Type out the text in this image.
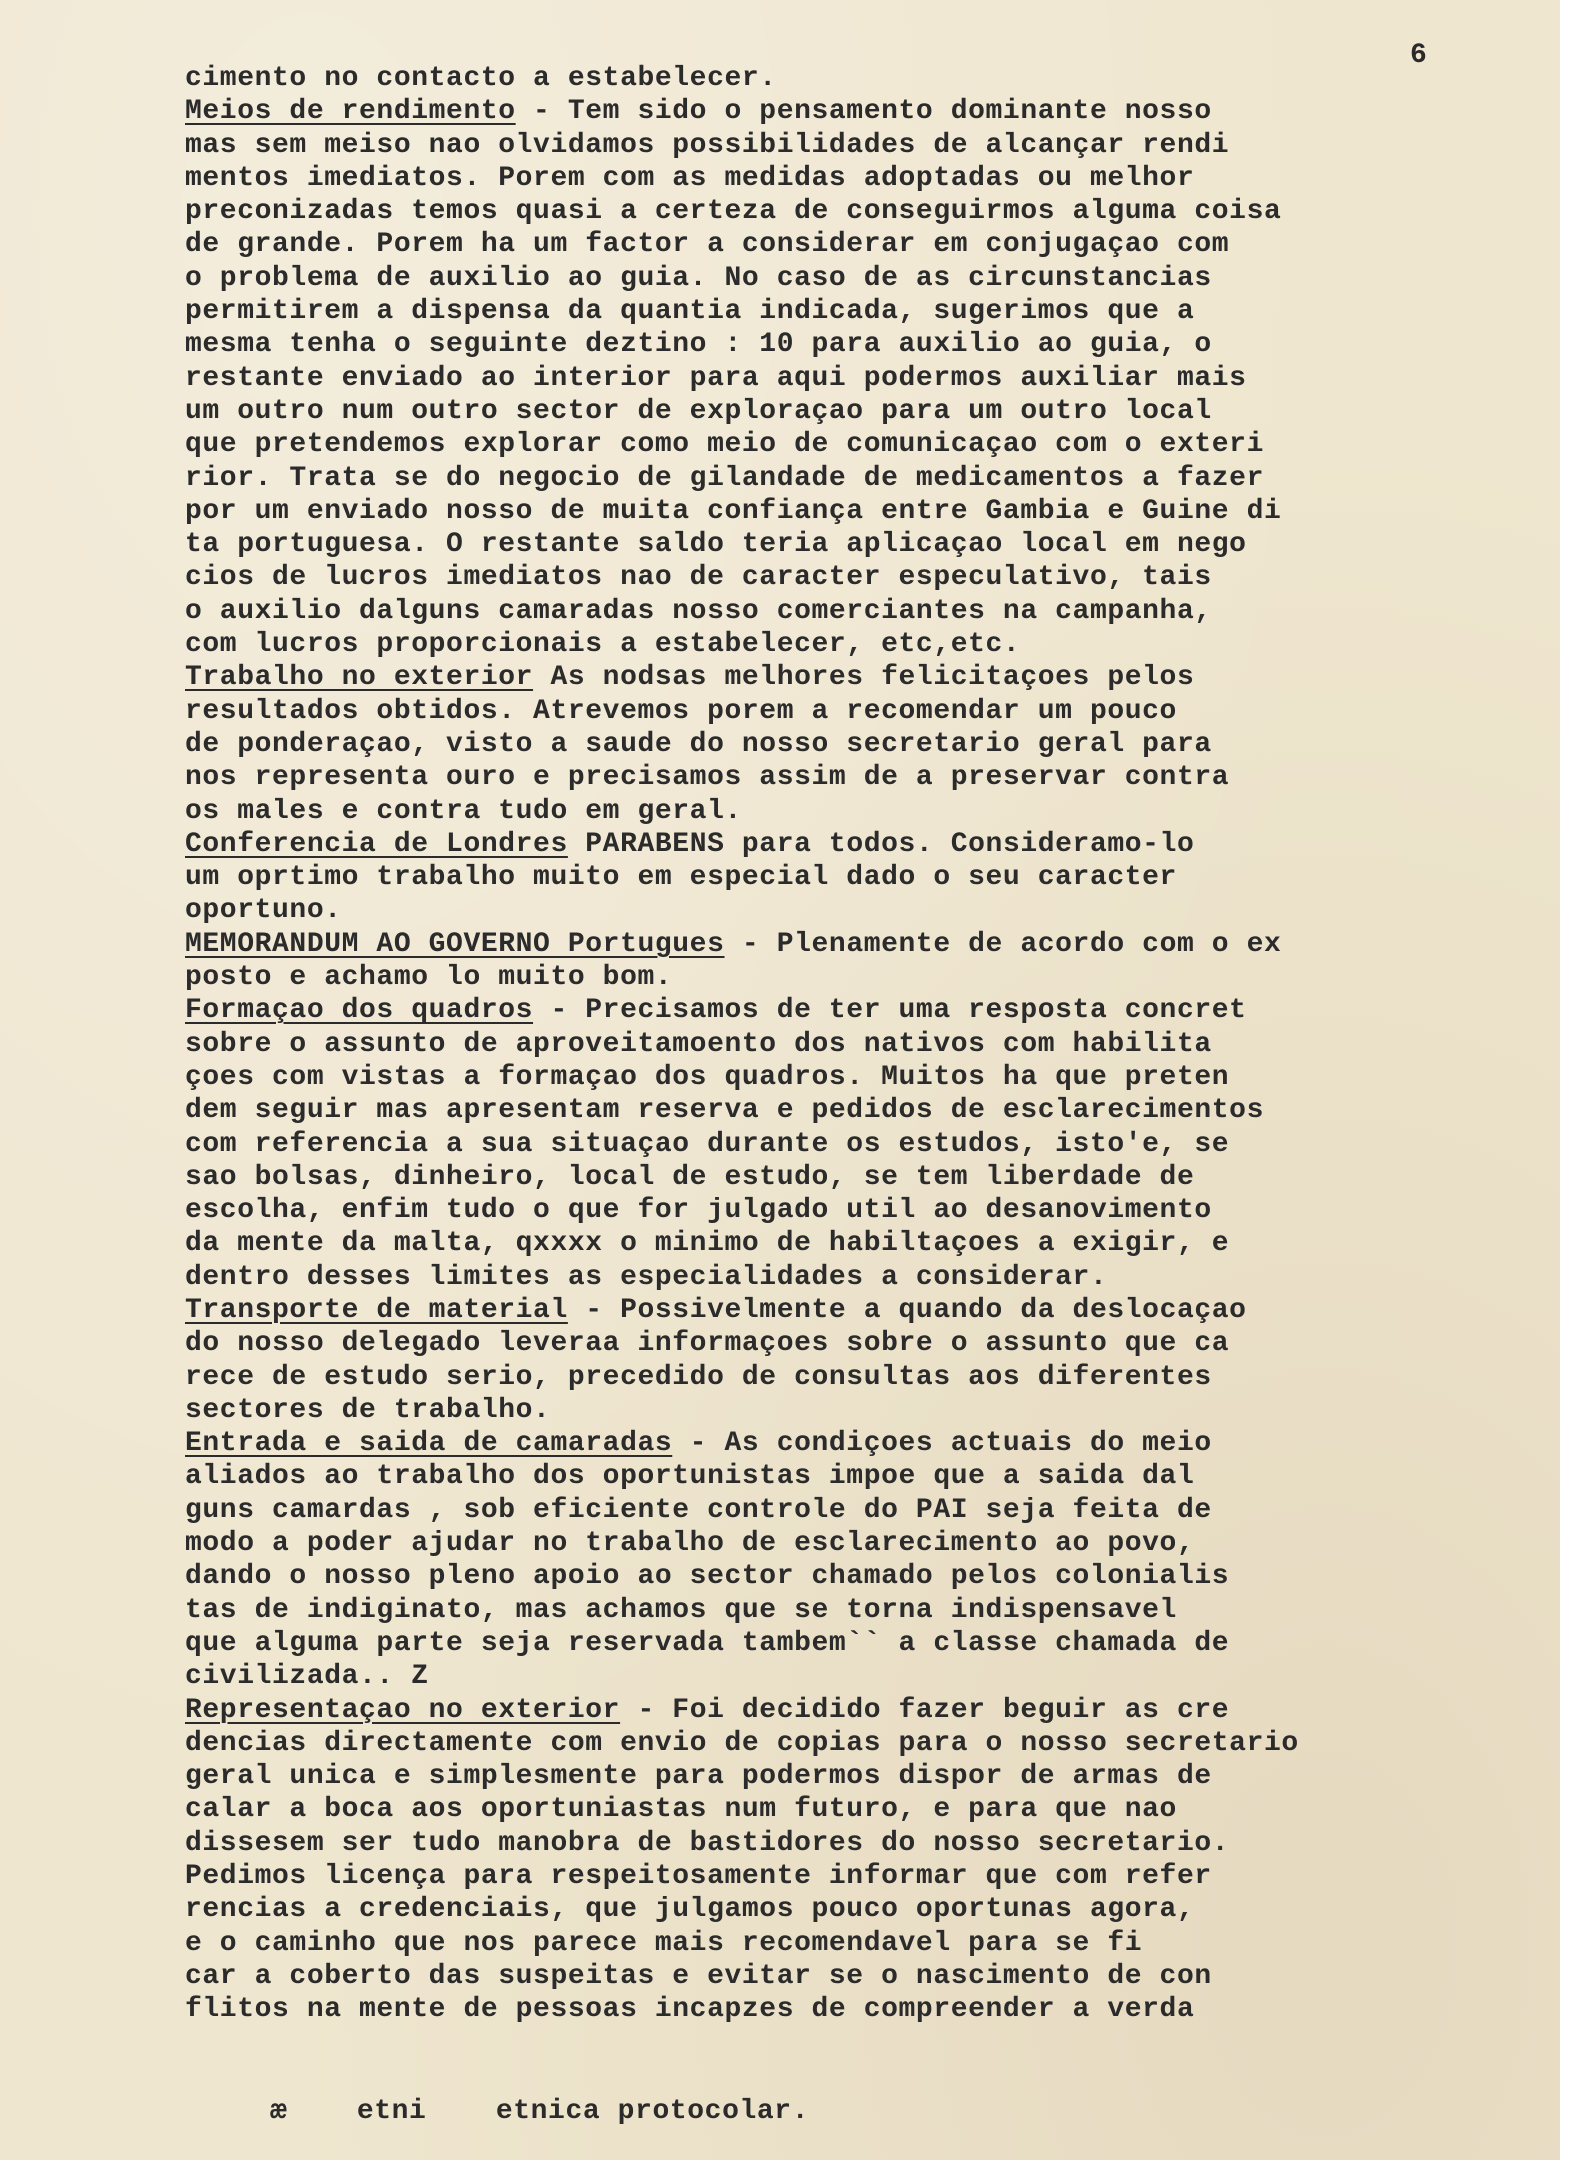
6
cimento no contacto a estabelecer.
Meios de rendimento - Tem sido o pensamento dominante nosso
mas sem meiso nao olvidamos possibilidades de alcançar rendi
mentos imediatos. Porem com as medidas adoptadas ou melhor
preconizadas temos quasi a certeza de conseguirmos alguma coisa
de grande. Porem ha um factor a considerar em conjugaçao com
o problema de auxilio ao guia. No caso de as circunstancias
permitirem a dispensa da quantia indicada, sugerimos que a
mesma tenha o seguinte deztino : 10 para auxilio ao guia, o
restante enviado ao interior para aqui podermos auxiliar mais
um outro num outro sector de exploraçao para um outro local
que pretendemos explorar como meio de comunicaçao com o exteri
rior. Trata se do negocio de gilandade de medicamentos a fazer
por um enviado nosso de muita confiança entre Gambia e Guine di
ta portuguesa. O restante saldo teria aplicaçao local em nego
cios de lucros imediatos nao de caracter especulativo, tais
o auxilio dalguns camaradas nosso comerciantes na campanha,
com lucros proporcionais a estabelecer, etc,etc.
Trabalho no exterior As nodsas melhores felicitaçoes pelos
resultados obtidos. Atrevemos porem a recomendar um pouco
de ponderaçao, visto a saude do nosso secretario geral para
nos representa ouro e precisamos assim de a preservar contra
os males e contra tudo em geral.
Conferencia de Londres PARABENS para todos. Consideramo-lo
um oprtimo trabalho muito em especial dado o seu caracter
oportuno.
MEMORANDUM AO GOVERNO Portugues - Plenamente de acordo com o ex
posto e achamo lo muito bom.
Formaçao dos quadros - Precisamos de ter uma resposta concret
sobre o assunto de aproveitamoento dos nativos com habilita
çoes com vistas a formaçao dos quadros. Muitos ha que preten
dem seguir mas apresentam reserva e pedidos de esclarecimentos
com referencia a sua situaçao durante os estudos, isto'e, se
sao bolsas, dinheiro, local de estudo, se tem liberdade de
escolha, enfim tudo o que for julgado util ao desanovimento
da mente da malta, qxxxx o minimo de habiltaçoes a exigir, e
dentro desses limites as especialidades a considerar.
Transporte de material - Possivelmente a quando da deslocaçao
do nosso delegado leveraa informaçoes sobre o assunto que ca
rece de estudo serio, precedido de consultas aos diferentes
sectores de trabalho.
Entrada e saida de camaradas - As condiçoes actuais do meio
aliados ao trabalho dos oportunistas impoe que a saida dal
guns camardas , sob eficiente controle do PAI seja feita de
modo a poder ajudar no trabalho de esclarecimento ao povo,
dando o nosso pleno apoio ao sector chamado pelos colonialis
tas de indiginato, mas achamos que se torna indispensavel
que alguma parte seja reservada tambem`` a classe chamada de
civilizada.. Z
Representaçao no exterior - Foi decidido fazer beguir as cre
dencias directamente com envio de copias para o nosso secretario
geral unica e simplesmente para podermos dispor de armas de
calar a boca aos oportuniastas num futuro, e para que nao
dissesem ser tudo manobra de bastidores do nosso secretario.
Pedimos licença para respeitosamente informar que com refer
rencias a credenciais, que julgamos pouco oportunas agora,
e o caminho que nos parece mais recomendavel para se fi
car a coberto das suspeitas e evitar se o nascimento de con
flitos na mente de pessoas incapzes de compreender a verda
æ etni etnica protocolar.
